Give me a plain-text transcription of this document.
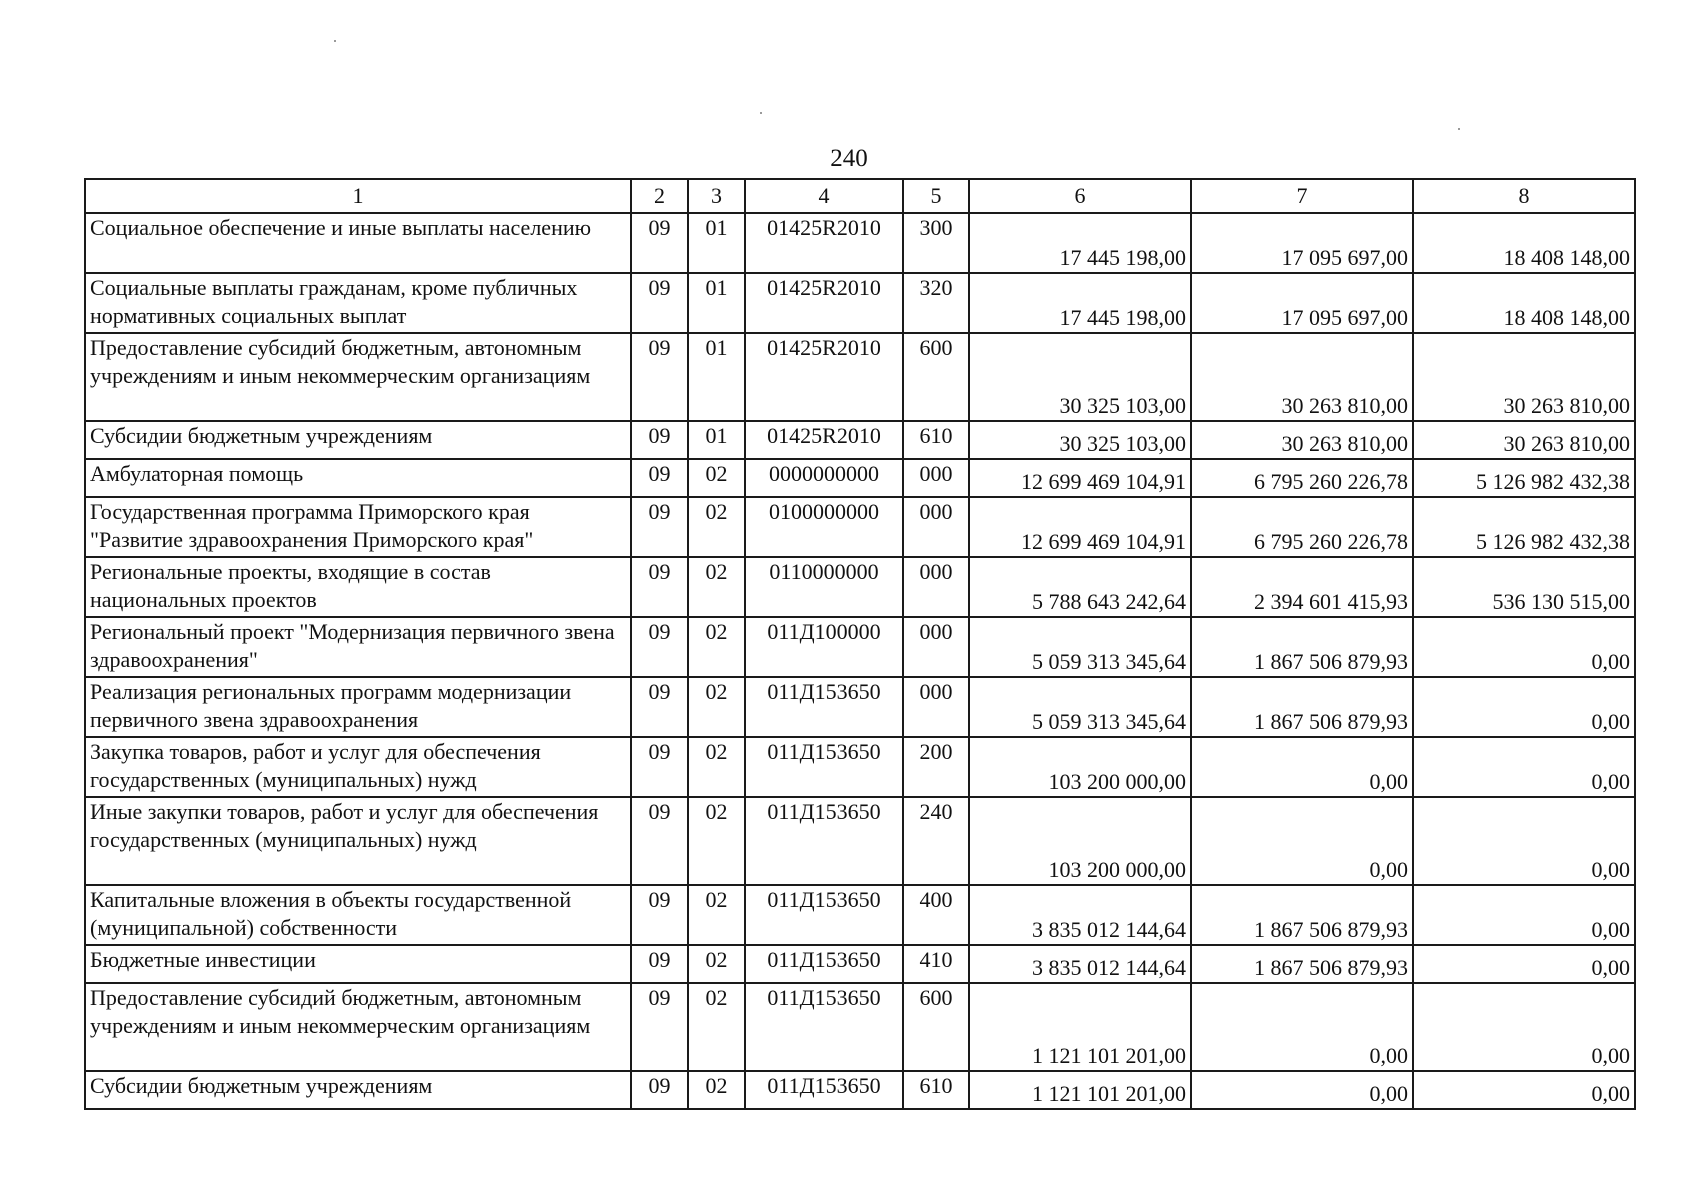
240
1	2	3	4	5	6	7	8
Социальное обеспечение и иные выплаты населению	09	01	01425R2010	300	17 445 198,00	17 095 697,00	18 408 148,00
Социальные выплаты гражданам, кроме публичных нормативных социальных выплат	09	01	01425R2010	320	17 445 198,00	17 095 697,00	18 408 148,00
Предоставление субсидий бюджетным, автономным учреждениям и иным некоммерческим организациям	09	01	01425R2010	600	30 325 103,00	30 263 810,00	30 263 810,00
Субсидии бюджетным учреждениям	09	01	01425R2010	610	30 325 103,00	30 263 810,00	30 263 810,00
Амбулаторная помощь	09	02	0000000000	000	12 699 469 104,91	6 795 260 226,78	5 126 982 432,38
Государственная программа Приморского края "Развитие здравоохранения Приморского края"	09	02	0100000000	000	12 699 469 104,91	6 795 260 226,78	5 126 982 432,38
Региональные проекты, входящие в состав национальных проектов	09	02	0110000000	000	5 788 643 242,64	2 394 601 415,93	536 130 515,00
Региональный проект "Модернизация первичного звена здравоохранения"	09	02	011Д100000	000	5 059 313 345,64	1 867 506 879,93	0,00
Реализация региональных программ модернизации первичного звена здравоохранения	09	02	011Д153650	000	5 059 313 345,64	1 867 506 879,93	0,00
Закупка товаров, работ и услуг для обеспечения государственных (муниципальных) нужд	09	02	011Д153650	200	103 200 000,00	0,00	0,00
Иные закупки товаров, работ и услуг для обеспечения государственных (муниципальных) нужд	09	02	011Д153650	240	103 200 000,00	0,00	0,00
Капитальные вложения в объекты государственной (муниципальной) собственности	09	02	011Д153650	400	3 835 012 144,64	1 867 506 879,93	0,00
Бюджетные инвестиции	09	02	011Д153650	410	3 835 012 144,64	1 867 506 879,93	0,00
Предоставление субсидий бюджетным, автономным учреждениям и иным некоммерческим организациям	09	02	011Д153650	600	1 121 101 201,00	0,00	0,00
Субсидии бюджетным учреждениям	09	02	011Д153650	610	1 121 101 201,00	0,00	0,00
